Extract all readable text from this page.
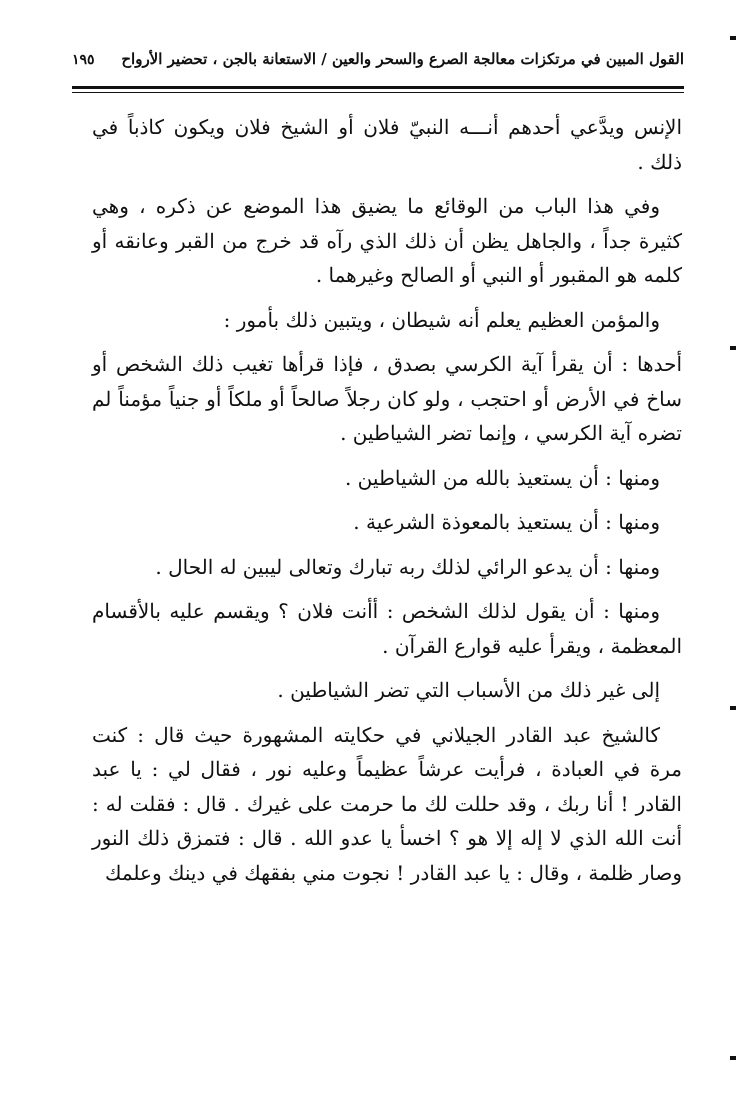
القول المبين في مرتكزات معالجة الصرع والسحر والعين / الاستعانة بالجن ، تحضير الأرواح
١٩٥

الإنس ويدَّعي أحدهم أنـــه النبيّ فلان أو الشيخ فلان ويكون كاذباً في ذلك .

وفي هذا الباب من الوقائع ما يضيق هذا الموضع عن ذكره ، وهي كثيرة جداً ، والجاهل يظن أن ذلك الذي رآه قد خرج من القبر وعانقه أو كلمه هو المقبور أو النبي أو الصالح وغيرهما .

والمؤمن العظيم يعلم أنه شيطان ، ويتبين ذلك بأمور :

أحدها : أن يقرأ آية الكرسي بصدق ، فإذا قرأها تغيب ذلك الشخص أو ساخ في الأرض أو احتجب ، ولو كان رجلاً صالحاً أو ملكاً أو جنياً مؤمناً لم تضره آية الكرسي ، وإنما تضر الشياطين .

ومنها : أن يستعيذ بالله من الشياطين .

ومنها : أن يستعيذ بالمعوذة الشرعية .

ومنها : أن يدعو الرائي لذلك ربه تبارك وتعالى ليبين له الحال .

ومنها : أن يقول لذلك الشخص : أأنت فلان ؟ ويقسم عليه بالأقسام المعظمة ، ويقرأ عليه قوارع القرآن .

إلى غير ذلك من الأسباب التي تضر الشياطين .

كالشيخ عبد القادر الجيلاني في حكايته المشهورة حيث قال : كنت مرة في العبادة ، فرأيت عرشاً عظيماً وعليه نور ، فقال لي : يا عبد القادر ! أنا ربك ، وقد حللت لك ما حرمت على غيرك . قال : فقلت له : أنت الله الذي لا إله إلا هو ؟ اخسأ يا عدو الله . قال : فتمزق ذلك النور وصار ظلمة ، وقال : يا عبد القادر ! نجوت مني بفقهك في دينك وعلمك
